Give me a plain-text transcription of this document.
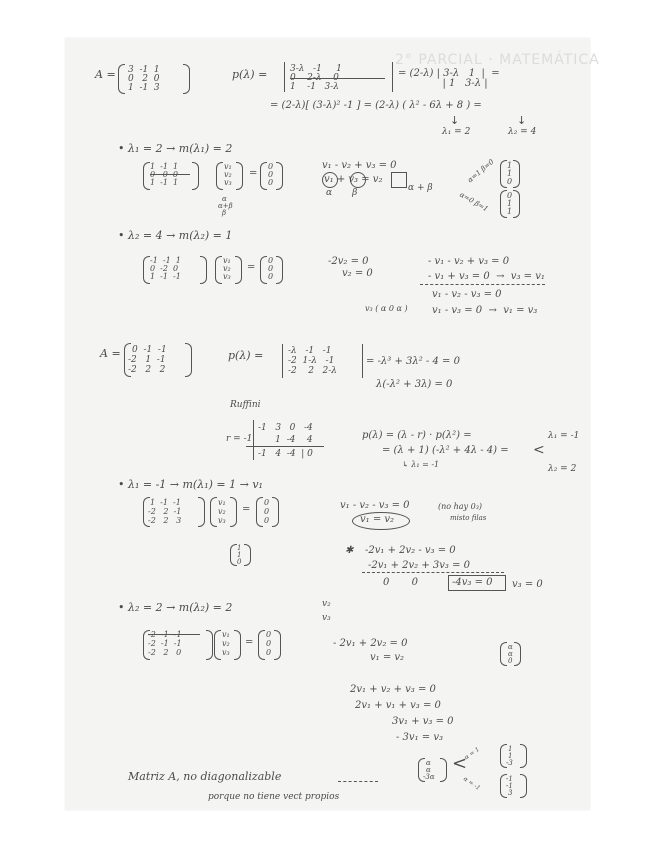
2° PARCIAL · MATEMÁTICA
A = 3  -1  1
0   2  0
1  -1  3
p(λ) =	3-λ   -1     1
0    2-λ    0
1    -1   3-λ
= (2-λ) | 3-λ   1  |  =
| 1   3-λ |
= (2-λ)[ (3-λ)² -1 ] = (2-λ) ( λ² - 6λ + 8 ) =
↓	↓
λ₁ = 2	λ₂ = 4
• λ₁ = 2 → m(λ₁) = 2
1  -1  1
0   0  0
1  -1  1
v₁
v₂
v₃
=
0
0
0
α
α+β
β
v₁ - v₂ + v₃ = 0
v₁ + v₃ = v₂
α + β
α       β
α=1 β=0 1
1
0
α=0 β=1 0
1
1
• λ₂ = 4 → m(λ₂) = 1
-1  -1  1
0  -2  0
1  -1  -1
v₁
v₂
v₃
=
0
0
0
-2v₂ = 0
v₂ = 0
- v₁ - v₂ + v₃ = 0
- v₁ + v₃ = 0  →  v₃ = v₁
v₁ - v₂ - v₃ = 0
v₃ ( α 0 α ) v₁ - v₃ = 0  →  v₁ = v₃
A = 0  -1  -1
-2   1  -1
-2   2   2
p(λ) =	-λ   -1   -1
-2  1-λ   -1
-2    2   2-λ
= -λ³ + 3λ² - 4 = 0
λ(-λ² + 3λ) = 0
Ruffini
-1   3   0   -4
r = -1 1  -4    4
-1   4  -4  | 0
p(λ) = (λ - r) · p(λ²) =
= (λ + 1) (-λ² + 4λ - 4) =
↳ λ₁ = -1
λ₁ = -1
λ₂ = 2
<
• λ₁ = -1 → m(λ₁) = 1 → v₁
1  -1  -1
-2   2  -1
-2   2   3
v₁
v₂
v₃
=
0
0
0
v₁ - v₂ - v₃ = 0	(no hay 0₃)
misto filas
v₁ = v₂
1
1
0
✱ -2v₁ + 2v₂ - v₃ = 0
-2v₁ + 2v₂ + 3v₃ = 0
0       0	-4v₃ = 0 v₃ = 0
• λ₂ = 2 → m(λ₂) = 2	v₂
v₃
-2  -1  -1
-2  -1  -1
-2   2   0
v₁
v₂
v₃
=
0
0
0
- 2v₁ + 2v₂ = 0
v₁ = v₂
α
α
0
2v₁ + v₂ + v₃ = 0
2v₁ + v₁ + v₃ = 0
3v₁ + v₃ = 0
- 3v₁ = v₃
α
α
-3α
<
α = 1
α = -1
1
1
-3
-1
-1
3
Matriz A, no diagonalizable
porque no tiene vect propios
